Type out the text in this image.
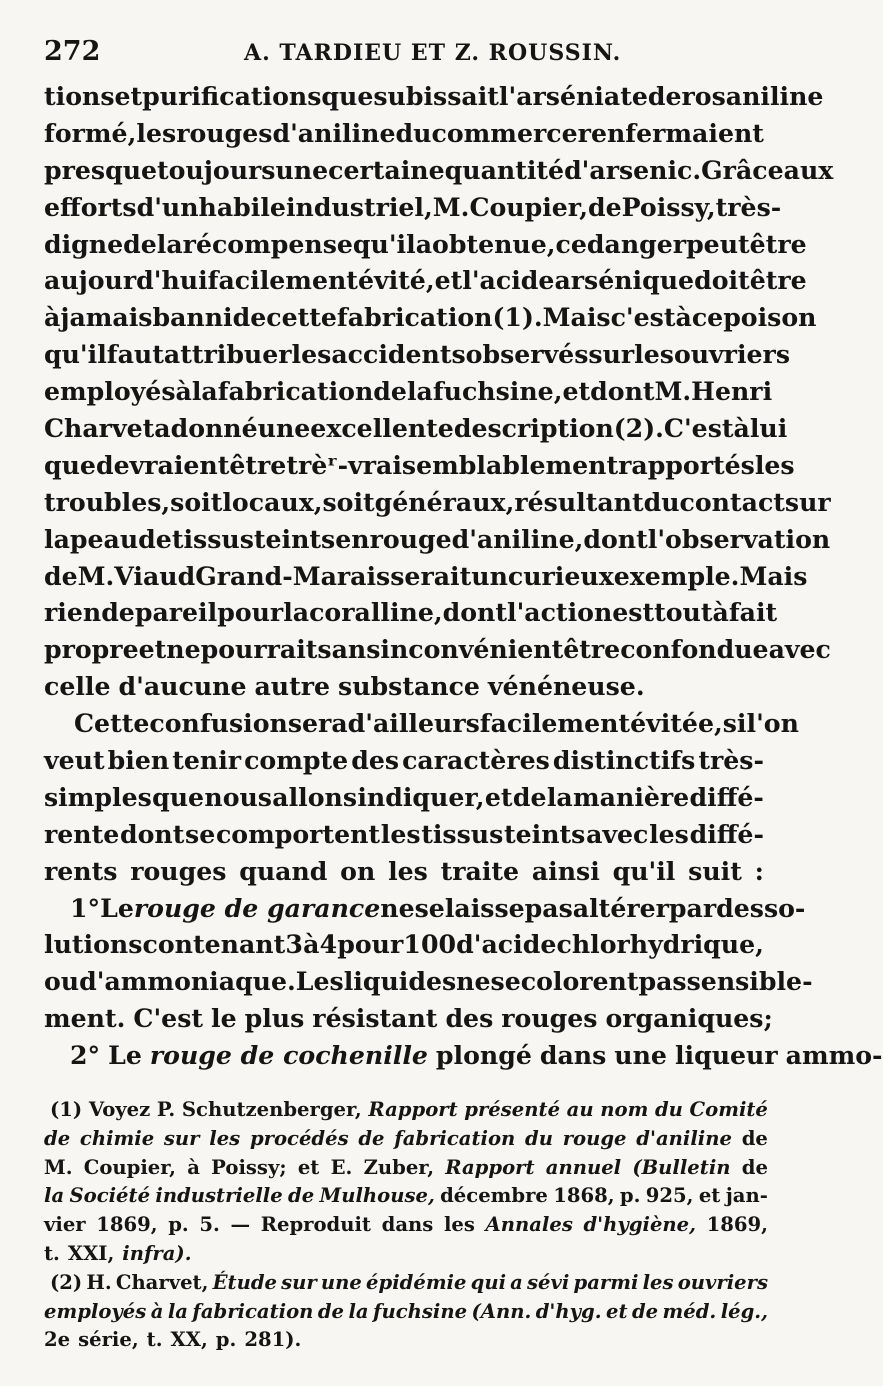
272	A. TARDIEU ET Z. ROUSSIN.
tions et purifications que subissait l'arséniate de rosaniline
formé, les rouges d'aniline du commerce renfermaient
presque toujours une certaine quantité d'arsenic. Grâce aux
efforts d'un habile industriel, M. Coupier, de Poissy, très-
digne de la récompense qu'il a obtenue, ce danger peut être
aujourd'hui facilement évité, et l'acide arsénique doit être
à jamais banni de cette fabrication(1). Mais c'est à ce poison
qu'il faut attribuer les accidents observés sur les ouvriers
employés à la fabrication de la fuchsine, et dont M. Henri
Charvet a donné une excellente description (2). C'est à lui
que devraient être trèʳ-vraisemblablement rapportés les
troubles, soit locaux, soit généraux, résultant du contact sur
la peau de tissus teints en rouge d'aniline, dont l'observation
de M. Viaud Grand-Marais serait un curieux exemple. Mais
rien de pareil pour la coralline, dont l'action est tout à fait
propre et ne pourrait sans inconvénient être confondue avec
celle d'aucune autre substance vénéneuse.
Cette confusion sera d'ailleurs facilement évitée, si l'on
veut bien tenir compte des caractères distinctifs très-
simples que nous allons indiquer, et de la manière diffé-
rente dont se comportent les tissus teints avec les diffé-
rents rouges quand on les traite ainsi qu'il suit :
1° Le rouge de garance ne se laisse pas altérer par des so-
lutions contenant 3 à 4 pour 100 d'acide chlorhydrique,
ou d'ammoniaque. Les liquides ne se colorent pas sensible-
ment. C'est le plus résistant des rouges organiques;
2° Le rouge de cochenille plongé dans une liqueur ammo-
(1) Voyez P. Schutzenberger, Rapport présenté au nom du Comité
de chimie sur les procédés de fabrication du rouge d'aniline de
M. Coupier, à Poissy; et E. Zuber, Rapport annuel (Bulletin de
la Société industrielle de Mulhouse, décembre 1868, p. 925, et jan-
vier 1869, p. 5. — Reproduit dans les Annales d'hygiène, 1869,
t. XXI, infra).
(2) H. Charvet, Étude sur une épidémie qui a sévi parmi les ouvriers
employés à la fabrication de la fuchsine (Ann. d'hyg. et de méd. lég.,
2e série, t. XX, p. 281).
